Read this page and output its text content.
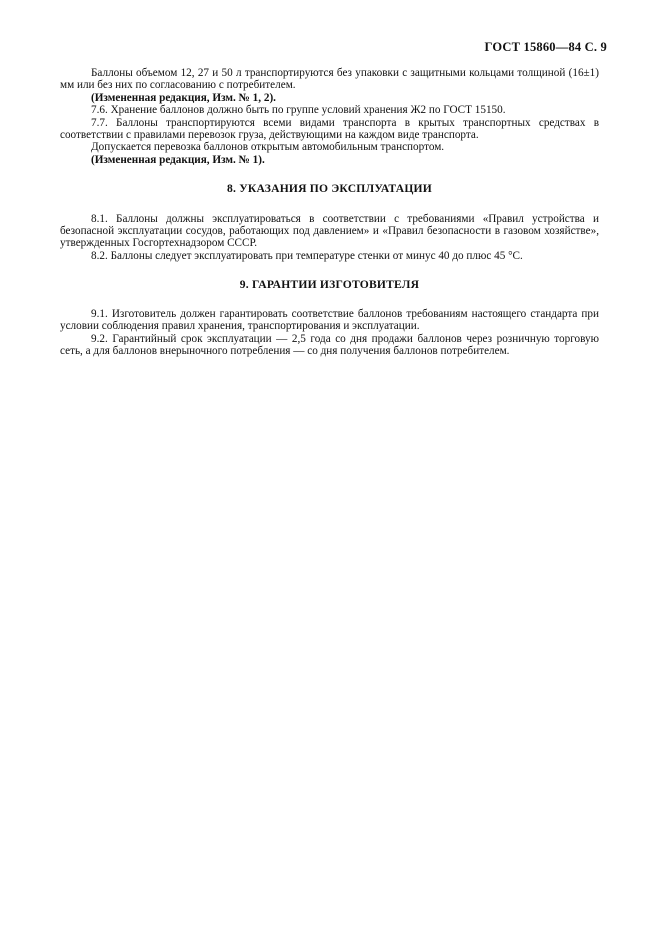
ГОСТ 15860—84 С. 9

Баллоны объемом 12, 27 и 50 л транспортируются без упаковки с защитными кольцами толщиной (16±1) мм или без них по согласованию с потребителем.

(Измененная редакция, Изм. № 1, 2).

7.6. Хранение баллонов должно быть по группе условий хранения Ж2 по ГОСТ 15150.

7.7. Баллоны транспортируются всеми видами транспорта в крытых транспортных средствах в соответствии с правилами перевозок груза, действующими на каждом виде транспорта.

Допускается перевозка баллонов открытым автомобильным транспортом.

(Измененная редакция, Изм. № 1).

8. УКАЗАНИЯ ПО ЭКСПЛУАТАЦИИ

8.1. Баллоны должны эксплуатироваться в соответствии с требованиями «Правил устройства и безопасной эксплуатации сосудов, работающих под давлением» и «Правил безопасности в газовом хозяйстве», утвержденных Госгортехнадзором СССР.

8.2. Баллоны следует эксплуатировать при температуре стенки от минус 40 до плюс 45 °С.

9. ГАРАНТИИ ИЗГОТОВИТЕЛЯ

9.1. Изготовитель должен гарантировать соответствие баллонов требованиям настоящего стандарта при условии соблюдения правил хранения, транспортирования и эксплуатации.

9.2. Гарантийный срок эксплуатации — 2,5 года со дня продажи баллонов через розничную торговую сеть, а для баллонов внерыночного потребления — со дня получения баллонов потребителем.
